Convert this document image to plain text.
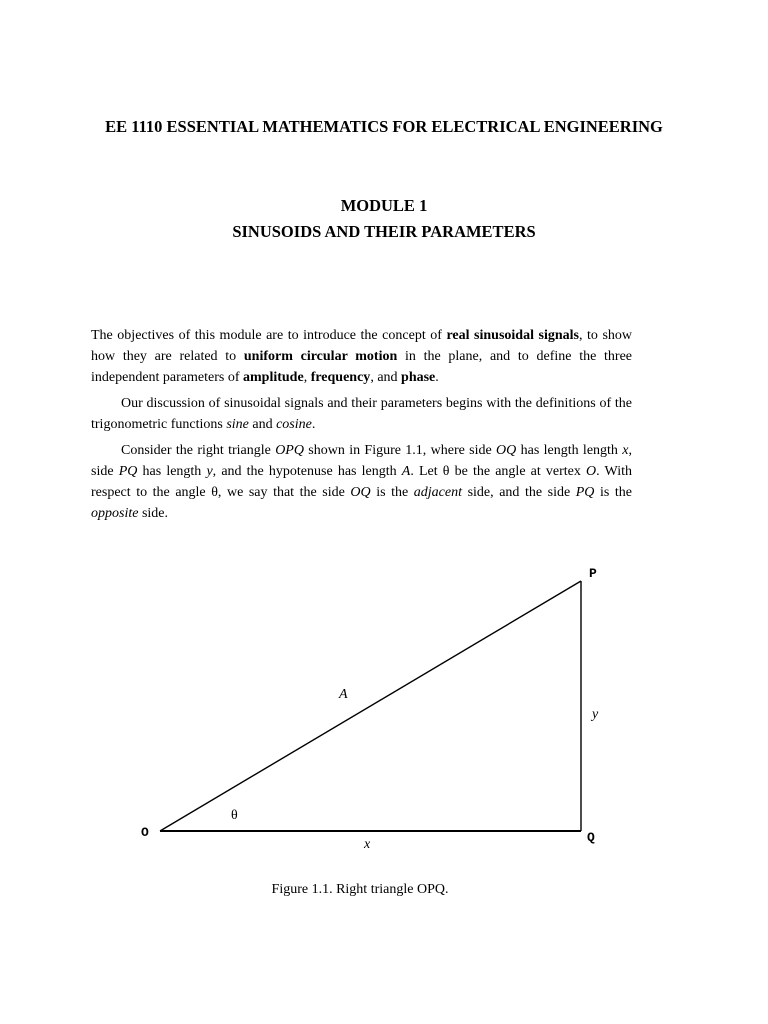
EE 1110 ESSENTIAL MATHEMATICS FOR ELECTRICAL ENGINEERING
MODULE 1
SINUSOIDS AND THEIR PARAMETERS

The objectives of this module are to introduce the concept of real sinusoidal signals, to show how they are related to uniform circular motion in the plane, and to define the three independent parameters of amplitude, frequency, and phase.

Our discussion of sinusoidal signals and their parameters begins with the definitions of the trigonometric functions sine and cosine.

Consider the right triangle OPQ shown in Figure 1.1, where side OQ has length length x, side PQ has length y, and the hypotenuse has length A. Let θ be the angle at vertex O. With respect to the angle θ, we say that the side OQ is the adjacent side, and the side PQ is the opposite side.

O
P
Q
A
y
x
θ

Figure 1.1. Right triangle OPQ.
